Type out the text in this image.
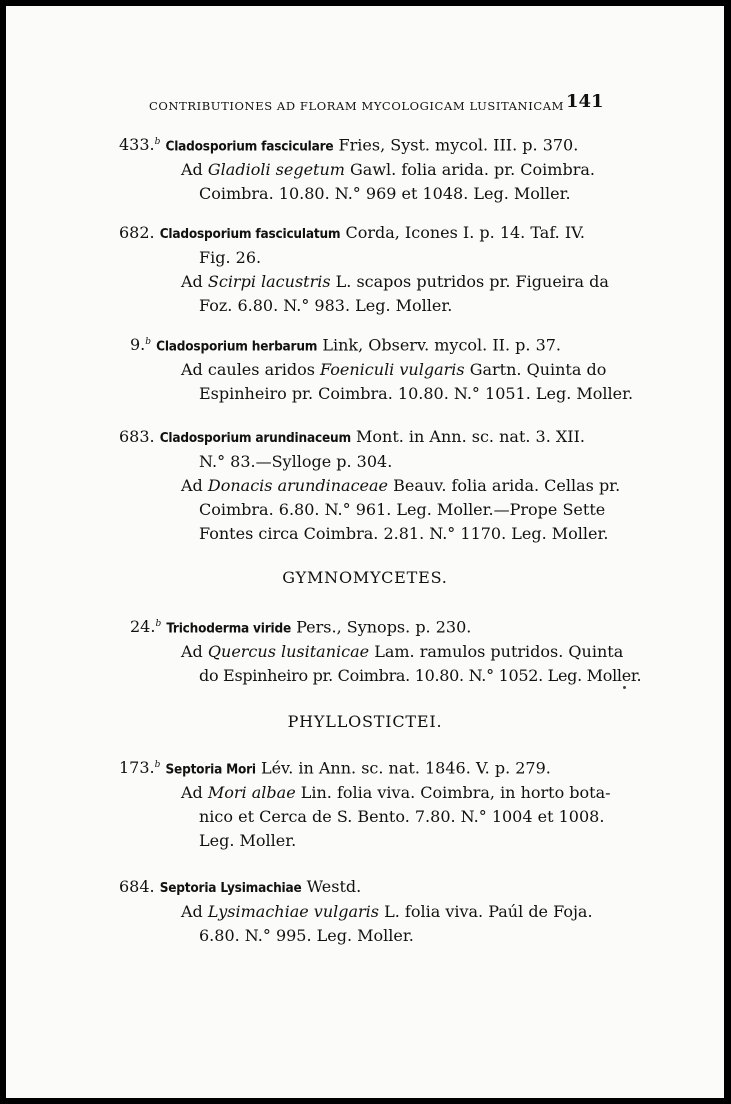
CONTRIBUTIONES AD FLORAM MYCOLOGICAM LUSITANICAM 141
433.$^b$ Cladosporium fasciculare Fries, Syst. mycol. III. p. 370.
Ad Gladioli segetum Gawl. folia arida. pr. Coimbra.
Coimbra. 10.80. N.° 969 et 1048. Leg. Moller.
682. Cladosporium fasciculatum Corda, Icones I. p. 14. Taf. IV.
Fig. 26.
Ad Scirpi lacustris L. scapos putridos pr. Figueira da
Foz. 6.80. N.° 983. Leg. Moller.
9.$^b$ Cladosporium herbarum Link, Observ. mycol. II. p. 37.
Ad caules aridos Foeniculi vulgaris Gartn. Quinta do
Espinheiro pr. Coimbra. 10.80. N.° 1051. Leg. Moller.
683. Cladosporium arundinaceum Mont. in Ann. sc. nat. 3. XII.
N.° 83.—Sylloge p. 304.
Ad Donacis arundinaceae Beauv. folia arida. Cellas pr.
Coimbra. 6.80. N.° 961. Leg. Moller.—Prope Sette
Fontes circa Coimbra. 2.81. N.° 1170. Leg. Moller.
GYMNOMYCETES.
24.$^b$ Trichoderma viride Pers., Synops. p. 230.
Ad Quercus lusitanicae Lam. ramulos putridos. Quinta
do Espinheiro pr. Coimbra. 10.80. N.° 1052. Leg. Moller.
PHYLLOSTICTEI.
173.$^b$ Septoria Mori Lév. in Ann. sc. nat. 1846. V. p. 279.
Ad Mori albae Lin. folia viva. Coimbra, in horto bota-
nico et Cerca de S. Bento. 7.80. N.° 1004 et 1008.
Leg. Moller.
684. Septoria Lysimachiae Westd.
Ad Lysimachiae vulgaris L. folia viva. Paúl de Foja.
6.80. N.° 995. Leg. Moller.
